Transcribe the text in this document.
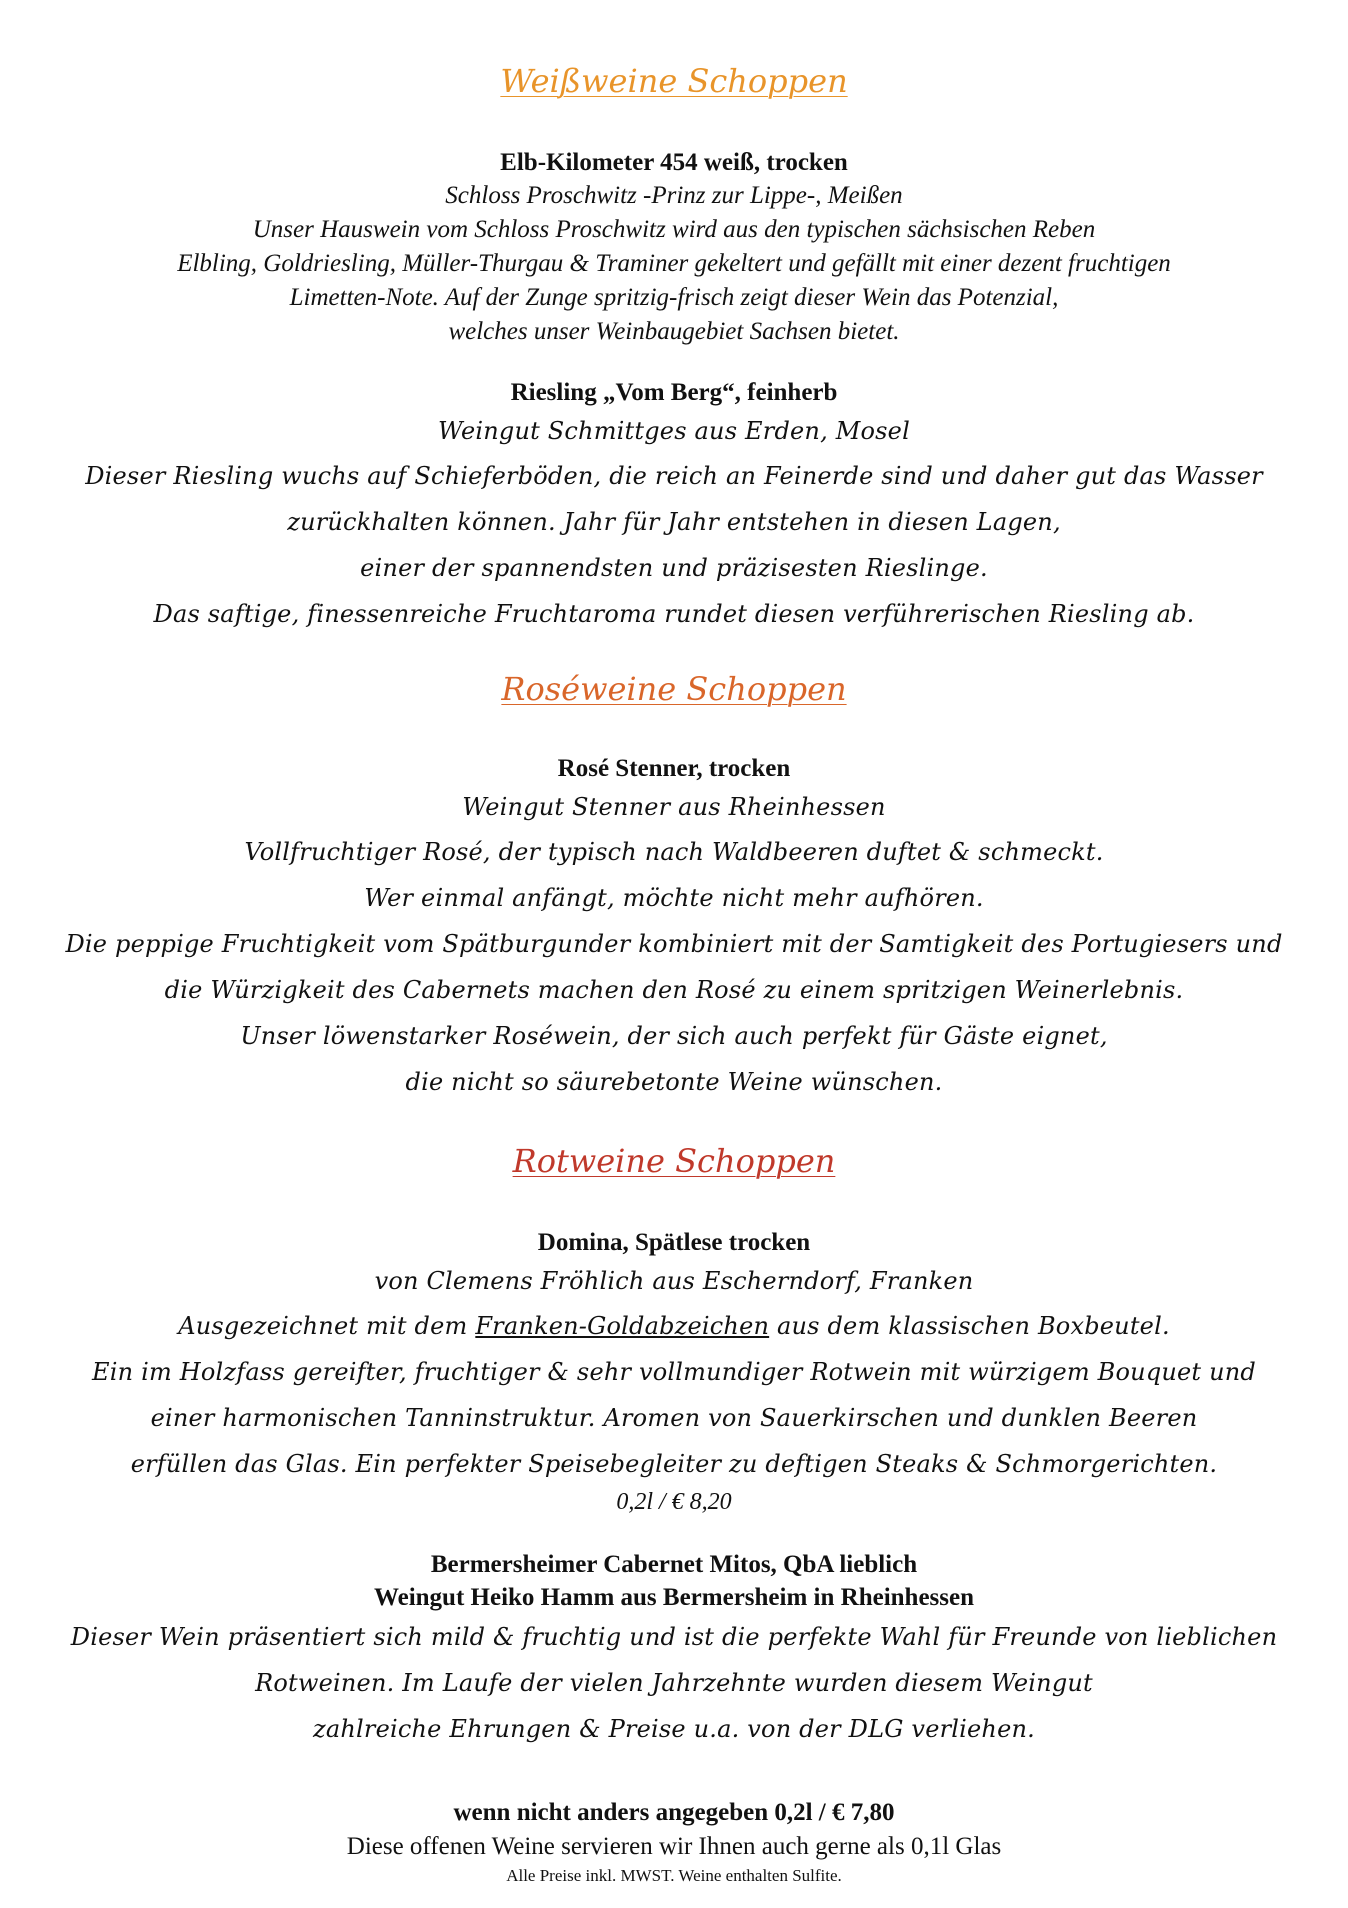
Weißweine Schoppen
Elb-Kilometer 454 weiß, trocken
Schloss Proschwitz -Prinz zur Lippe-, Meißen
Unser Hauswein vom Schloss Proschwitz wird aus den typischen sächsischen Reben
Elbling, Goldriesling, Müller-Thurgau & Traminer gekeltert und gefällt mit einer dezent fruchtigen
Limetten-Note. Auf der Zunge spritzig-frisch zeigt dieser Wein das Potenzial,
welches unser Weinbaugebiet Sachsen bietet.
Riesling „Vom Berg“, feinherb
Weingut Schmittges aus Erden, Mosel
Dieser Riesling wuchs auf Schieferböden, die reich an Feinerde sind und daher gut das Wasser
zurückhalten können. Jahr für Jahr entstehen in diesen Lagen,
einer der spannendsten und präzisesten Rieslinge.
Das saftige, finessenreiche Fruchtaroma rundet diesen verführerischen Riesling ab.
Roséweine Schoppen
Rosé Stenner, trocken
Weingut Stenner aus Rheinhessen
Vollfruchtiger Rosé, der typisch nach Waldbeeren duftet & schmeckt.
Wer einmal anfängt, möchte nicht mehr aufhören.
Die peppige Fruchtigkeit vom Spätburgunder kombiniert mit der Samtigkeit des Portugiesers und
die Würzigkeit des Cabernets machen den Rosé zu einem spritzigen Weinerlebnis.
Unser löwenstarker Roséwein, der sich auch perfekt für Gäste eignet,
die nicht so säurebetonte Weine wünschen.
Rotweine Schoppen
Domina, Spätlese trocken
von Clemens Fröhlich aus Escherndorf, Franken
Ausgezeichnet mit dem Franken-Goldabzeichen aus dem klassischen Boxbeutel.
Ein im Holzfass gereifter, fruchtiger & sehr vollmundiger Rotwein mit würzigem Bouquet und
einer harmonischen Tanninstruktur. Aromen von Sauerkirschen und dunklen Beeren
erfüllen das Glas. Ein perfekter Speisebegleiter zu deftigen Steaks & Schmorgerichten.
0,2l / € 8,20
Bermersheimer Cabernet Mitos, QbA lieblich
Weingut Heiko Hamm aus Bermersheim in Rheinhessen
Dieser Wein präsentiert sich mild & fruchtig und ist die perfekte Wahl für Freunde von lieblichen
Rotweinen. Im Laufe der vielen Jahrzehnte wurden diesem Weingut
zahlreiche Ehrungen & Preise u.a. von der DLG verliehen.
wenn nicht anders angegeben 0,2l / € 7,80
Diese offenen Weine servieren wir Ihnen auch gerne als 0,1l Glas
Alle Preise inkl. MWST. Weine enthalten Sulfite.
